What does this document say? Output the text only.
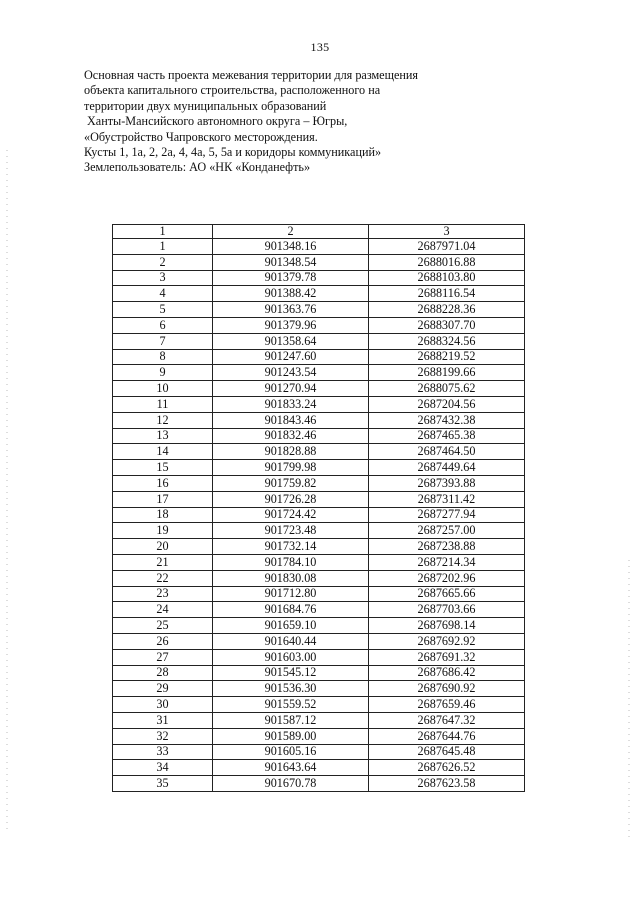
135
Основная часть проекта межевания территории для размещения
объекта капитального строительства, расположенного на
территории двух муниципальных образований
Ханты-Мансийского автономного округа – Югры,
«Обустройство Чапровского месторождения.
Кусты 1, 1а, 2, 2а, 4, 4а, 5, 5а и коридоры коммуникаций»
Землепользователь: АО «НК «Конданефть»
1	2	3
1	901348.16	2687971.04
2	901348.54	2688016.88
3	901379.78	2688103.80
4	901388.42	2688116.54
5	901363.76	2688228.36
6	901379.96	2688307.70
7	901358.64	2688324.56
8	901247.60	2688219.52
9	901243.54	2688199.66
10	901270.94	2688075.62
11	901833.24	2687204.56
12	901843.46	2687432.38
13	901832.46	2687465.38
14	901828.88	2687464.50
15	901799.98	2687449.64
16	901759.82	2687393.88
17	901726.28	2687311.42
18	901724.42	2687277.94
19	901723.48	2687257.00
20	901732.14	2687238.88
21	901784.10	2687214.34
22	901830.08	2687202.96
23	901712.80	2687665.66
24	901684.76	2687703.66
25	901659.10	2687698.14
26	901640.44	2687692.92
27	901603.00	2687691.32
28	901545.12	2687686.42
29	901536.30	2687690.92
30	901559.52	2687659.46
31	901587.12	2687647.32
32	901589.00	2687644.76
33	901605.16	2687645.48
34	901643.64	2687626.52
35	901670.78	2687623.58
